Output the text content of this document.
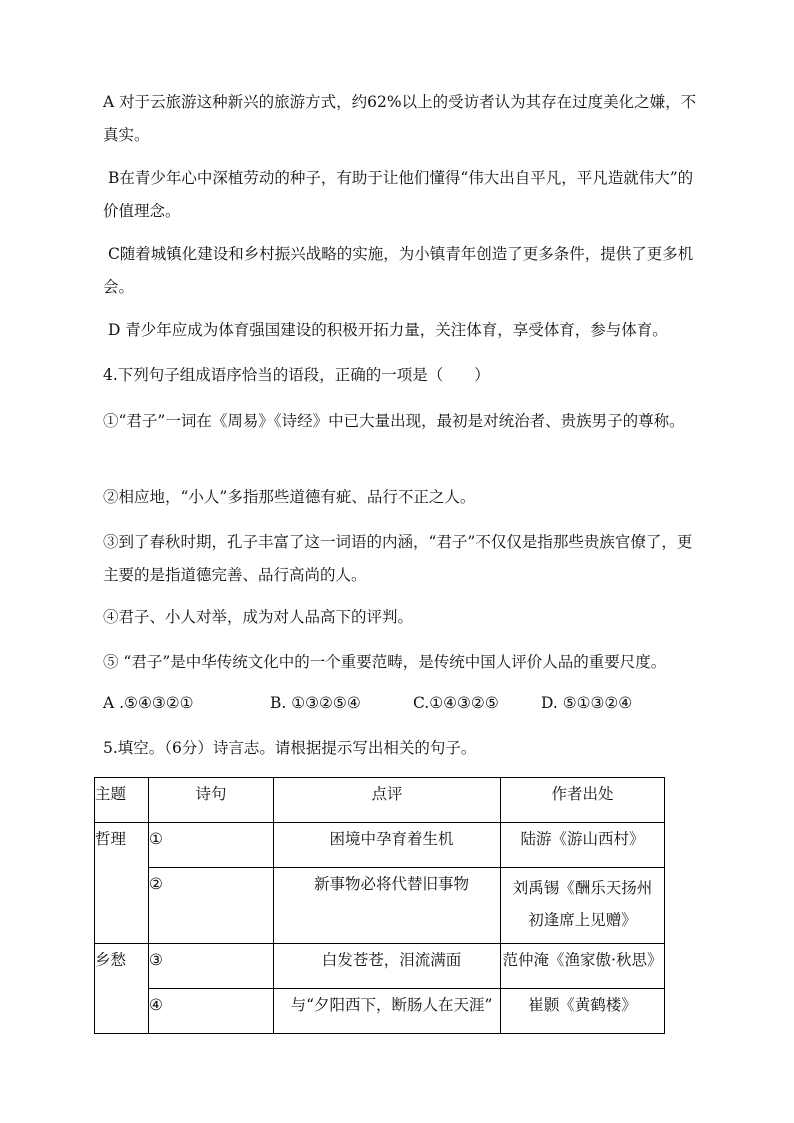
A 对于云旅游这种新兴的旅游方式，约62%以上的受访者认为其存在过度美化之嫌，不真实。
B在青少年心中深植劳动的种子，有助于让他们懂得“伟大出自平凡，平凡造就伟大”的价值理念。
C随着城镇化建设和乡村振兴战略的实施，为小镇青年创造了更多条件，提供了更多机会。
D 青少年应成为体育强国建设的积极开拓力量，关注体育，享受体育，参与体育。
4.下列句子组成语序恰当的语段，正确的一项是（　　）
①“君子”一词在《周易》《诗经》中已大量出现，最初是对统治者、贵族男子的尊称。
②相应地，“小人”多指那些道德有疵、品行不正之人。
③到了春秋时期，孔子丰富了这一词语的内涵，“君子”不仅仅是指那些贵族官僚了，更主要的是指道德完善、品行高尚的人。
④君子、小人对举，成为对人品高下的评判。
⑤ “君子”是中华传统文化中的一个重要范畴，是传统中国人评价人品的重要尺度。
A .⑤④③②①	B. ①③②⑤④	C.①④③②⑤	D. ⑤①③②④
5.填空。（6分）诗言志。请根据提示写出相关的句子。
主题	诗句	点评	作者出处
哲理	①	困境中孕育着生机	陆游《游山西村》
	②	新事物必将代替旧事物	刘禹锡《酬乐天扬州初逢席上见赠》
乡愁	③	白发苍苍，泪流满面	范仲淹《渔家傲·秋思》
	④	与“夕阳西下，断肠人在天涯”	崔颢《黄鹤楼》
